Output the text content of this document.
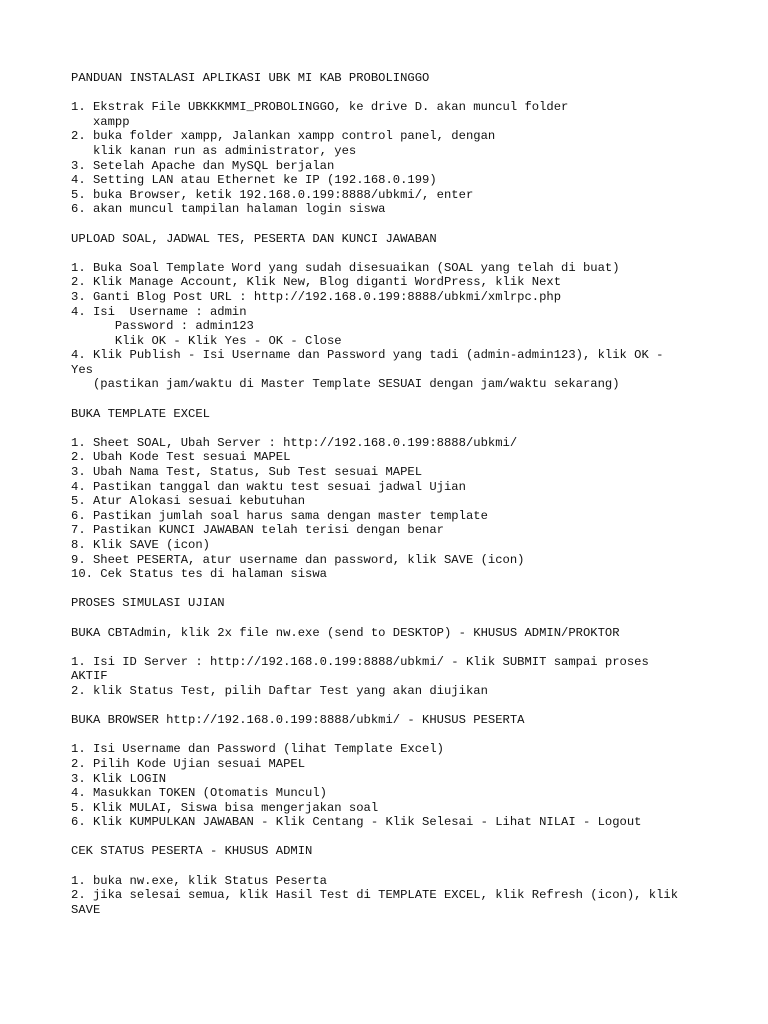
PANDUAN INSTALASI APLIKASI UBK MI KAB PROBOLINGGO
1. Ekstrak File UBKKKMMI_PROBOLINGGO, ke drive D. akan muncul folder
xampp
2. buka folder xampp, Jalankan xampp control panel, dengan
klik kanan run as administrator, yes
3. Setelah Apache dan MySQL berjalan
4. Setting LAN atau Ethernet ke IP (192.168.0.199)
5. buka Browser, ketik 192.168.0.199:8888/ubkmi/, enter
6. akan muncul tampilan halaman login siswa
UPLOAD SOAL, JADWAL TES, PESERTA DAN KUNCI JAWABAN
1. Buka Soal Template Word yang sudah disesuaikan (SOAL yang telah di buat)
2. Klik Manage Account, Klik New, Blog diganti WordPress, klik Next
3. Ganti Blog Post URL : http://192.168.0.199:8888/ubkmi/xmlrpc.php
4. Isi  Username : admin
Password : admin123
Klik OK - Klik Yes - OK - Close
4. Klik Publish - Isi Username dan Password yang tadi (admin-admin123), klik OK -
Yes
(pastikan jam/waktu di Master Template SESUAI dengan jam/waktu sekarang)
BUKA TEMPLATE EXCEL
1. Sheet SOAL, Ubah Server : http://192.168.0.199:8888/ubkmi/
2. Ubah Kode Test sesuai MAPEL
3. Ubah Nama Test, Status, Sub Test sesuai MAPEL
4. Pastikan tanggal dan waktu test sesuai jadwal Ujian
5. Atur Alokasi sesuai kebutuhan
6. Pastikan jumlah soal harus sama dengan master template
7. Pastikan KUNCI JAWABAN telah terisi dengan benar
8. Klik SAVE (icon)
9. Sheet PESERTA, atur username dan password, klik SAVE (icon)
10. Cek Status tes di halaman siswa
PROSES SIMULASI UJIAN
BUKA CBTAdmin, klik 2x file nw.exe (send to DESKTOP) - KHUSUS ADMIN/PROKTOR
1. Isi ID Server : http://192.168.0.199:8888/ubkmi/ - Klik SUBMIT sampai proses
AKTIF
2. klik Status Test, pilih Daftar Test yang akan diujikan
BUKA BROWSER http://192.168.0.199:8888/ubkmi/ - KHUSUS PESERTA
1. Isi Username dan Password (lihat Template Excel)
2. Pilih Kode Ujian sesuai MAPEL
3. Klik LOGIN
4. Masukkan TOKEN (Otomatis Muncul)
5. Klik MULAI, Siswa bisa mengerjakan soal
6. Klik KUMPULKAN JAWABAN - Klik Centang - Klik Selesai - Lihat NILAI - Logout
CEK STATUS PESERTA - KHUSUS ADMIN
1. buka nw.exe, klik Status Peserta
2. jika selesai semua, klik Hasil Test di TEMPLATE EXCEL, klik Refresh (icon), klik
SAVE
